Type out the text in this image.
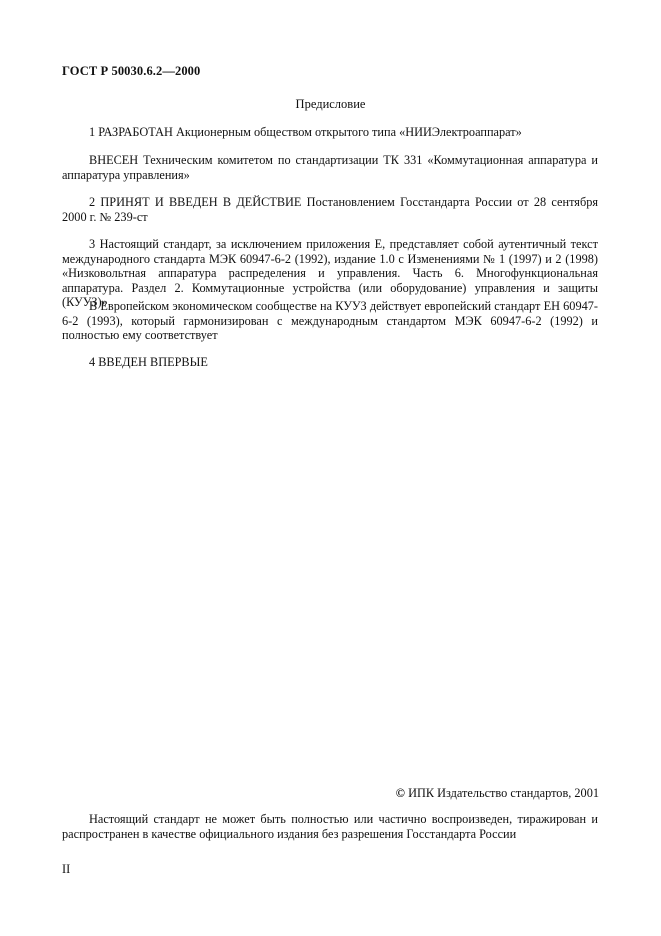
ГОСТ Р 50030.6.2—2000
Предисловие

1 РАЗРАБОТАН Акционерным обществом открытого типа «НИИЭлектроаппарат»

ВНЕСЕН Техническим комитетом по стандартизации ТК 331 «Коммутационная аппаратура и аппаратура управления»

2 ПРИНЯТ И ВВЕДЕН В ДЕЙСТВИЕ Постановлением Госстандарта России от 28 сентября 2000 г. № 239-ст

3 Настоящий стандарт, за исключением приложения Е, представляет собой аутентичный текст международного стандарта МЭК 60947-6-2 (1992), издание 1.0 с Изменениями № 1 (1997) и 2 (1998) «Низковольтная аппаратура распределения и управления. Часть 6. Многофункциональная аппаратура. Раздел 2. Коммутационные устройства (или оборудование) управления и защиты (КУУЗ)»

В Европейском экономическом сообществе на КУУЗ действует европейский стандарт ЕН 60947-6-2 (1993), который гармонизирован с международным стандартом МЭК 60947-6-2 (1992) и полностью ему соответствует

4 ВВЕДЕН ВПЕРВЫЕ

© ИПК Издательство стандартов, 2001

Настоящий стандарт не может быть полностью или частично воспроизведен, тиражирован и распространен в качестве официального издания без разрешения Госстандарта России

II
